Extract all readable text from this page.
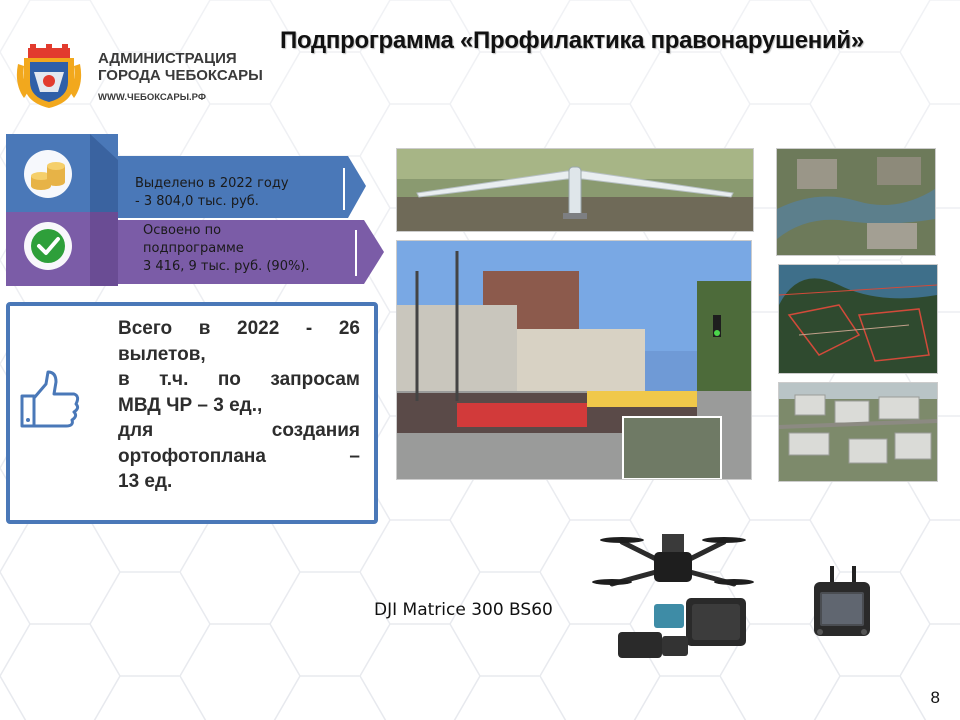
АДМИНИСТРАЦИЯ
ГОРОДА ЧЕБОКСАРЫ
WWW.ЧЕБОКСАРЫ.РФ
Подпрограмма «Профилактика правонарушений»
Выделено в 2022 году
- 3 804,0 тыс. руб.
Освоено по
подпрограмме
3 416, 9 тыс. руб. (90%).
Всего в 2022 - 26
вылетов,
в т.ч. по запросам
МВД ЧР – 3 ед.,
для создания
ортофотоплана –
13 ед.
DJI Matrice 300 BS60
8
